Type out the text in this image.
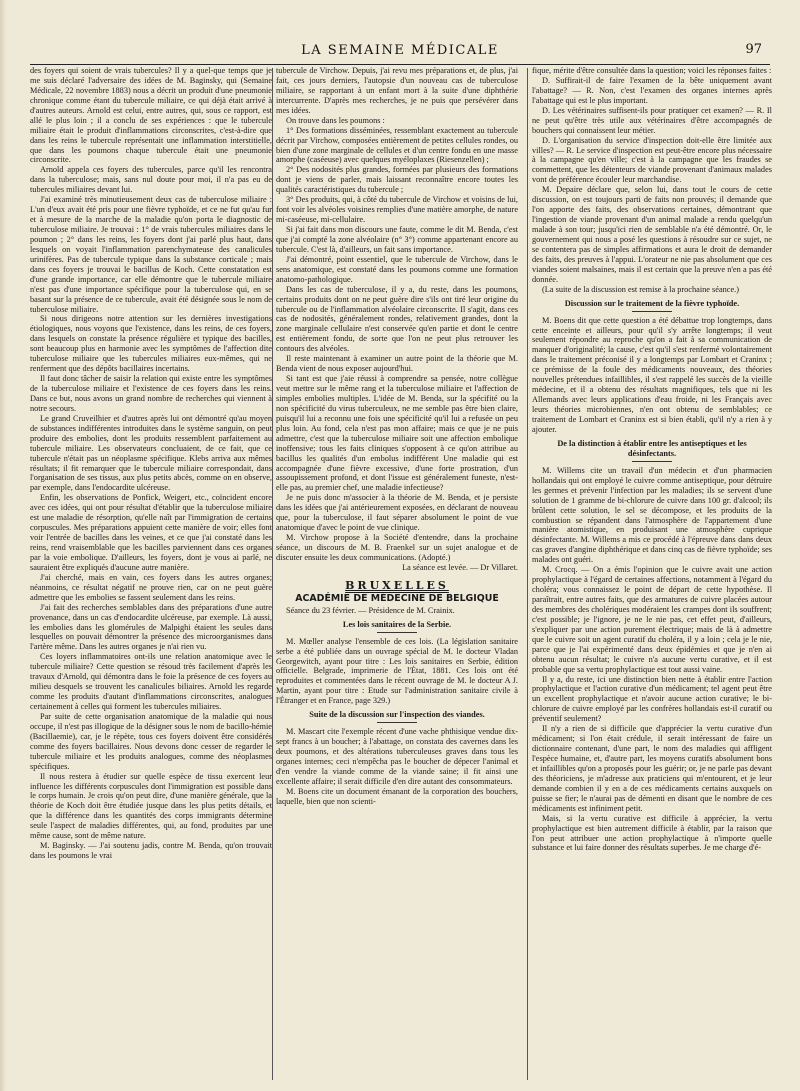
LA SEMAINE MÉDICALE	97

des foyers qui soient de vrais tubercules? Il y a quel-que temps que je me suis déclaré l'adversaire des idées de M. Baginsky, qui (Semaine Médicale, 22 novembre 1883) nous a décrit un produit d'une pneumonie chronique comme étant du tubercule miliaire, ce qui déjà était arrivé à d'autres auteurs. Arnold est celui, entre autres, qui, sous ce rapport, est allé le plus loin ; il a conclu de ses expériences : que le tubercule miliaire était le produit d'inflammations circonscrites, c'est-à-dire que dans les reins le tubercule représentait une inflammation interstitielle, que dans les poumons chaque tubercule était une pneumonie circonscrite.

Arnold appela ces foyers des tubercules, parce qu'il les rencontra dans la tuberculose; mais, sans nul doute pour moi, il n'a pas eu de tubercules miliaires devant lui.

J'ai examiné très minutieusement deux cas de tuberculose miliaire : L'un d'eux avait été pris pour une fièvre typhoïde, et ce ne fut qu'au fur et à mesure de la marche de la maladie qu'on porta le diagnostic de tuberculose miliaire. Je trouvai : 1° de vrais tubercules miliaires dans le poumon ; 2° dans les reins, les foyers dont j'ai parlé plus haut, dans lesquels on voyait l'inflammation parenchymateuse des canalicules urinifères. Pas de tubercule typique dans la substance corticale ; mais dans ces foyers je trouvai le bacillus de Koch. Cette constatation est d'une grande importance, car elle démontre que le tubercule miliaire n'est pas d'une importance spécifique pour la tuberculose qui, en se basant sur la présence de ce tubercule, avait été désignée sous le nom de tuberculose miliaire.

Si nous dirigeons notre attention sur les dernières investigations étiologiques, nous voyons que l'existence, dans les reins, de ces foyers, dans lesquels on constate la présence régulière et typique des bacilles, sont beaucoup plus en harmonie avec les symptômes de l'affection dite tuberculose miliaire que les tubercules miliaires eux-mêmes, qui ne renferment que des dépôts bacillaires incertains.

Il faut donc tâcher de saisir la relation qui existe entre les symptômes de la tuberculose miliaire et l'existence de ces foyers dans les reins. Dans ce but, nous avons un grand nombre de recherches qui viennent à notre secours.

Le grand Cruveilhier et d'autres après lui ont démontré qu'au moyen de substances indifférentes introduites dans le système sanguin, on peut produire des embolies, dont les produits ressemblent parfaitement au tubercule miliaire. Les observateurs concluaient, de ce fait, que ce tubercule n'était pas un néoplasme spécifique. Klebs arriva aux mêmes résultats; il fit remarquer que le tubercule miliaire correspondait, dans l'organisation de ses tissus, aux plus petits abcès, comme on en observe, par exemple, dans l'endocardite ulcéreuse.

Enfin, les observations de Ponfick, Weigert, etc., coïncident encore avec ces idées, qui ont pour résultat d'établir que la tuberculose miliaire est une maladie de résorption, qu'elle naît par l'immigration de certains corpuscules. Mes préparations appuient cette manière de voir; elles font voir l'entrée de bacilles dans les veines, et ce que j'ai constaté dans les reins, rend vraisemblable que les bacilles parviennent dans ces organes par la voie embolique. D'ailleurs, les foyers, dont je vous ai parlé, ne sauraient être expliqués d'aucune autre manière.

J'ai cherché, mais en vain, ces foyers dans les autres organes; néanmoins, ce résultat négatif ne prouve rien, car on ne peut guère admettre que les embolies se fassent seulement dans les reins.

J'ai fait des recherches semblables dans des préparations d'une autre provenance, dans un cas d'endocardite ulcéreuse, par exemple. Là aussi, les embolies dans les glomérules de Malpighi étaient les seules dans lesquelles on pouvait démontrer la présence des microorganismes dans l'artère même. Dans les autres organes je n'ai rien vu.

Ces loyers inflammatoires ont-ils une relation anatomique avec le tubercule miliaire? Cette question se résoud très facilement d'après les travaux d'Arnold, qui démontra dans le foie la présence de ces foyers au milieu desquels se trouvent les canalicules biliaires. Arnold les regarde comme les produits d'autant d'inflammations circonscrites, analogues certainement à celles qui forment les tubercules miliaires.

Par suite de cette organisation anatomique de la maladie qui nous occupe, il n'est pas illogique de la désigner sous le nom de bacillo-hémie (Bacillaemie), car, je le répète, tous ces foyers doivent être considérés comme des foyers bacillaires. Nous devons donc cesser de regarder le tubercule miliaire et les produits analogues, comme des néoplasmes spécifiques.

Il nous restera à étudier sur quelle espèce de tissu exercent leur influence les différents corpuscules dont l'immigration est possible dans le corps humain. Je crois qu'on peut dire, d'une manière générale, que la théorie de Koch doit être étudiée jusque dans les plus petits détails, et que la différence dans les quantités des corps immigrants détermine seule l'aspect de maladies différentes, qui, au fond, produites par une même cause, sont de même nature.

M. Baginsky. — J'ai soutenu jadis, contre M. Benda, qu'on trouvait dans les poumons le vrai

tubercule de Virchow. Depuis, j'ai revu mes préparations et, de plus, j'ai fait, ces jours derniers, l'autopsie d'un nouveau cas de tuberculose miliaire, se rapportant à un enfant mort à la suite d'une diphthérie intercurrente. D'après mes recherches, je ne puis que persévérer dans mes idées.

On trouve dans les poumons :

1° Des formations disséminées, ressemblant exactement au tubercule décrit par Virchow, composées entièrement de petites cellules rondes, ou bien d'une zone marginale de cellules et d'un centre fondu en une masse amorphe (caséeuse) avec quelques myéloplaxes (Riesenzellen) ;

2° Des nodosités plus grandes, formées par plusieurs des formations dont je viens de parler, mais laissant reconnaître encore toutes les qualités caractéristiques du tubercule ;

3° Des produits, qui, à côté du tubercule de Virchow et voisins de lui, font voir les alvéoles voisines remplies d'une matière amorphe, de nature mi-caséeuse, mi-cellulaire.

Si j'ai fait dans mon discours une faute, comme le dit M. Benda, c'est que j'ai compté la zone alvéolaire (n° 3°) comme appartenant encore au tubercule. C'est là, d'ailleurs, un fait sans importance.

J'ai démontré, point essentiel, que le tubercule de Virchow, dans le sens anatomique, est constaté dans les poumons comme une formation anatomo-pathologique.

Dans les cas de tuberculose, il y a, du reste, dans les poumons, certains produits dont on ne peut guère dire s'ils ont tiré leur origine du tubercule ou de l'inflammation alvéolaire circonscrite. Il s'agit, dans ces cas de nodosités, généralement rondes, relativement grandes, dont la zone marginale cellulaire n'est conservée qu'en partie et dont le centre est entièrement fondu, de sorte que l'on ne peut plus retrouver les contours des alvéoles.

Il reste maintenant à examiner un autre point de la théorie que M. Benda vient de nous exposer aujourd'hui.

Si tant est que j'aie réussi à comprendre sa pensée, notre collègue veut mettre sur le même rang et la tuberculose miliaire et l'affection de simples embolies multiples. L'idée de M. Benda, sur la spécifité ou la non spécificité du virus tuberculeux, ne me semble pas être bien claire, puisqu'il lui a reconnu une fois une spécificité qu'il lui a refusée un peu plus loin. Au fond, cela n'est pas mon affaire; mais ce que je ne puis admettre, c'est que la tuberculose miliaire soit une affection embolique inoffensive; tous les faits cliniques s'opposent à ce qu'on attribue au bacillus les qualités d'un embolus indifférent Une maladie qui est accompagnée d'une fièvre excessive, d'une forte prostration, d'un assoupissement profond, et dont l'issue est généralement funeste, n'est-elle pas, au premier chef, une maladie infectieuse?

Je ne puis donc m'associer à la théorie de M. Benda, et je persiste dans les idées que j'ai antérieurement exposées, en déclarant de nouveau que, pour la tuberculose, il faut séparer absolument le point de vue anatomique d'avec le point de vue clinique.

M. Virchow propose à la Société d'entendre, dans la prochaine séance, un discours de M. B. Fraenkel sur un sujet analogue et de discuter ensuite les deux communications. (Adopté.)

La séance est levée. — Dr Villaret.

BRUXELLES
ACADÉMIE DE MÉDECINE DE BELGIQUE

Séance du 23 février. — Présidence de M. Crainix.

Les lois sanitaires de la Serbie.

M. Mœller analyse l'ensemble de ces lois. (La législation sanitaire serbe a été publiée dans un ouvrage spécial de M. le docteur Vladan Georgewitch, ayant pour titre : Les lois sanitaires en Serbie, édition officielle. Belgrade, imprimerie de l'État, 1881. Ces lois ont été reproduites et commentées dans le récent ouvrage de M. le docteur A J. Martin, ayant pour titre : Etude sur l'administration sanitaire civile à l'Étranger et en France, page 329.)

Suite de la discussion sur l'inspection des viandes.

M. Mascart cite l'exemple récent d'une vache phthisique vendue dix-sept francs à un boucher; à l'abattage, on constata des cavernes dans les deux poumons, et des altérations tuberculeuses graves dans tous les organes internes; ceci n'empêcha pas le boucher de dépecer l'animal et d'en vendre la viande comme de la viande saine; il fit ainsi une excellente affaire; il serait difficile d'en dire autant des consommateurs.

M. Boens cite un document émanant de la corporation des bouchers, laquelle, bien que non scienti-

fique, mérite d'être consultée dans la question; voici les réponses faites :

D. Suffirait-il de faire l'examen de la bête uniquement avant l'abattage? — R. Non, c'est l'examen des organes internes après l'abattage qui est le plus important.

D. Les vétérinaires suffisent-ils pour pratiquer cet examen? — R. Il ne peut qu'être très utile aux vétérinaires d'être accompagnés de bouchers qui connaissent leur métier.

D. L'organisation du service d'inspection doit-elle être limitée aux villes? — R. Le service d'inspection est peut-être encore plus nécessaire à la campagne qu'en ville; c'est à la campagne que les fraudes se commettent, que les détenteurs de viande provenant d'animaux malades vont de préférence écouler leur marchandise.

M. Depaire déclare que, selon lui, dans tout le cours de cette discussion, on est toujours parti de faits non prouvés; il demande que l'on apporte des faits, des observations certaines, démontrant que l'ingestion de viande provenant d'un animal malade a rendu quelqu'un malade à son tour; jusqu'ici rien de semblable n'a été démontré. Or, le gouvernement qui nous a posé les questions à résoudre sur ce sujet, ne se contentera pas de simples affirmations et aura le droit de demander des faits, des preuves à l'appui. L'orateur ne nie pas absolument que ces viandes soient malsaines, mais il est certain que la preuve n'en a pas été donnée.

(La suite de la discussion est remise à la prochaine séance.)

Discussion sur le traitement de la fièvre typhoïde.

M. Boens dit que cette question a été débattue trop longtemps, dans cette enceinte et ailleurs, pour qu'il s'y arrête longtemps; il veut seulement répondre au reproche qu'on a fait à sa communication de manquer d'originalité; la cause, c'est qu'il s'est renfermé volontairement dans le traitement préconisé il y a longtemps par Lombart et Craninx ; ce prémisse de la foule des médicaments nouveaux, des théories nouvelles prétendues infaillibles, il s'est rappelé les succès de la vieille médecine, et il a obtenu des résultats magnifiques, tels que ni les Allemands avec leurs applications d'eau froide, ni les Français avec leurs théories microbiennes, n'en ont obtenu de semblables; ce traitement de Lombart et Craninx est si bien établi, qu'il n'y a rien à y ajouter.

De la distinction à établir entre les antiseptiques et les désinfectants.

M. Willems cite un travail d'un médecin et d'un pharmacien hollandais qui ont employé le cuivre comme antiseptique, pour détruire les germes et prévenir l'infection par les maladies; ils se servent d'une solution de 1 gramme de bi-chlorure de cuivre dans 100 gr. d'alcool; ils brûlent cette solution, le sel se décompose, et les produits de la combustion se répandent dans l'atmosphère de l'appartement d'une manière atomistique, en produisant une atmosphère cuprique désinfectante. M. Willems a mis ce procédé à l'épreuve dans dans deux cas graves d'angine diphthérique et dans cinq cas de fièvre typhoïde; ses malades ont guéri.

M. Crocq. — On a émis l'opinion que le cuivre avait une action prophylactique à l'égard de certaines affections, notamment à l'égard du choléra; vous connaissez le point de départ de cette hypothèse. Il paraîtrait, entre autres faits, que des armatures de cuivre placées autour des membres des cholériques modéraient les crampes dont ils souffrent; c'est possible; je l'ignore, je ne le nie pas, cet effet peut, d'ailleurs, s'expliquer par une action purement électrique; mais de là à admettre que le cuivre soit un agent curatif du choléra, il y a loin ; cela je le nie, parce que je l'ai expérimenté dans deux épidémies et que je n'en ai obtenu aucun résultat; le cuivre n'a aucune vertu curative, et il est probable que sa vertu prophylactique est tout aussi vaine.

Il y a, du reste, ici une distinction bien nette à établir entre l'action prophylactique et l'action curative d'un médicament; tel agent peut être un excellent prophylactique et n'avoir aucune action curative; le bi-chlorure de cuivre employé par les confrères hollandais est-il curatif ou préventif seulement?

Il n'y a rien de si difficile que d'apprécier la vertu curative d'un médicament; si l'on était crédule, il serait intéressant de faire un dictionnaire contenant, d'une part, le nom des maladies qui affligent l'espèce humaine, et, d'autre part, les moyens curatifs absolument bons et infaillibles qu'on a proposés pour les guérir; or, je ne parle pas devant des théoriciens, je m'adresse aux praticiens qui m'entourent, et je leur demande combien il y en a de ces médicaments certains auxquels on puisse se fier; le n'aurai pas de démenti en disant que le nombre de ces médicaments est infiniment petit.

Mais, si la vertu curative est difficile à apprécier, la vertu prophylactique est bien autrement difficile à établir, par la raison que l'on peut attribuer une action prophylactique à n'importe quelle substance et lui faire donner des résultats superbes. Je me charge d'é-
